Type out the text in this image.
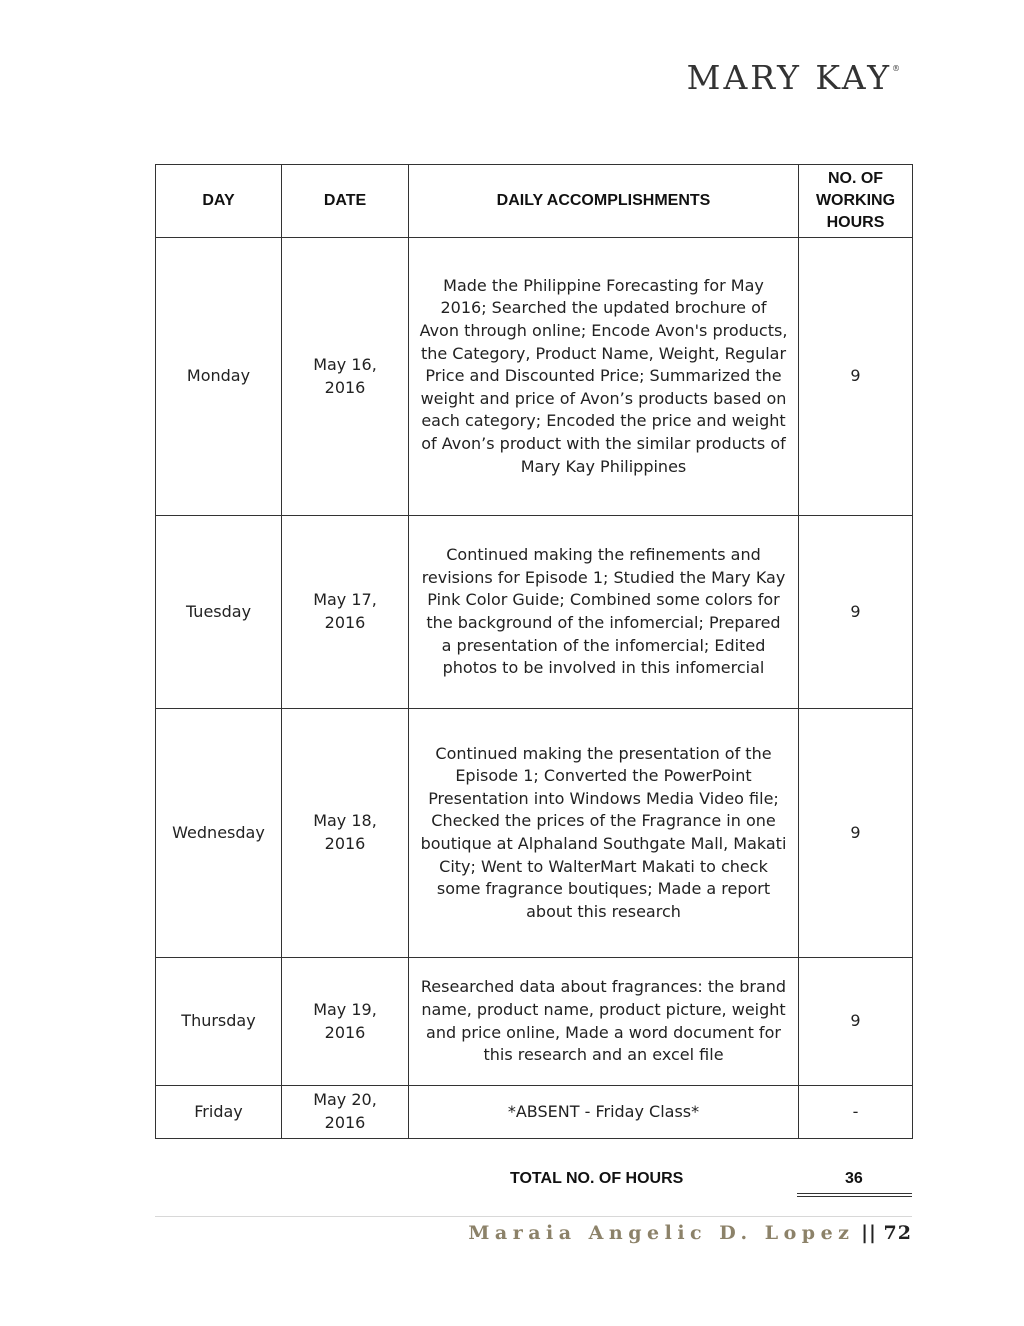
MARY KAY®
DAY	DATE	DAILY ACCOMPLISHMENTS	NO. OF WORKING HOURS
Monday	May 16, 2016	Made the Philippine Forecasting for May 2016; Searched the updated brochure of Avon through online; Encode Avon's products, the Category, Product Name, Weight, Regular Price and Discounted Price; Summarized the weight and price of Avon’s products based on each category; Encoded the price and weight of Avon’s product with the similar products of Mary Kay Philippines	9
Tuesday	May 17, 2016	Continued making the refinements and revisions for Episode 1; Studied the Mary Kay Pink Color Guide; Combined some colors for the background of the infomercial; Prepared a presentation of the infomercial; Edited photos to be involved in this infomercial	9
Wednesday	May 18, 2016	Continued making the presentation of the Episode 1; Converted the PowerPoint Presentation into Windows Media Video file; Checked the prices of the Fragrance in one boutique at Alphaland Southgate Mall, Makati City; Went to WalterMart Makati to check some fragrance boutiques; Made a report about this research	9
Thursday	May 19, 2016	Researched data about fragrances: the brand name, product name, product picture, weight and price online, Made a word document for this research and an excel file	9
Friday	May 20, 2016	*ABSENT - Friday Class*	-
TOTAL NO. OF HOURS	36
Maraia Angelic D. Lopez || 72
